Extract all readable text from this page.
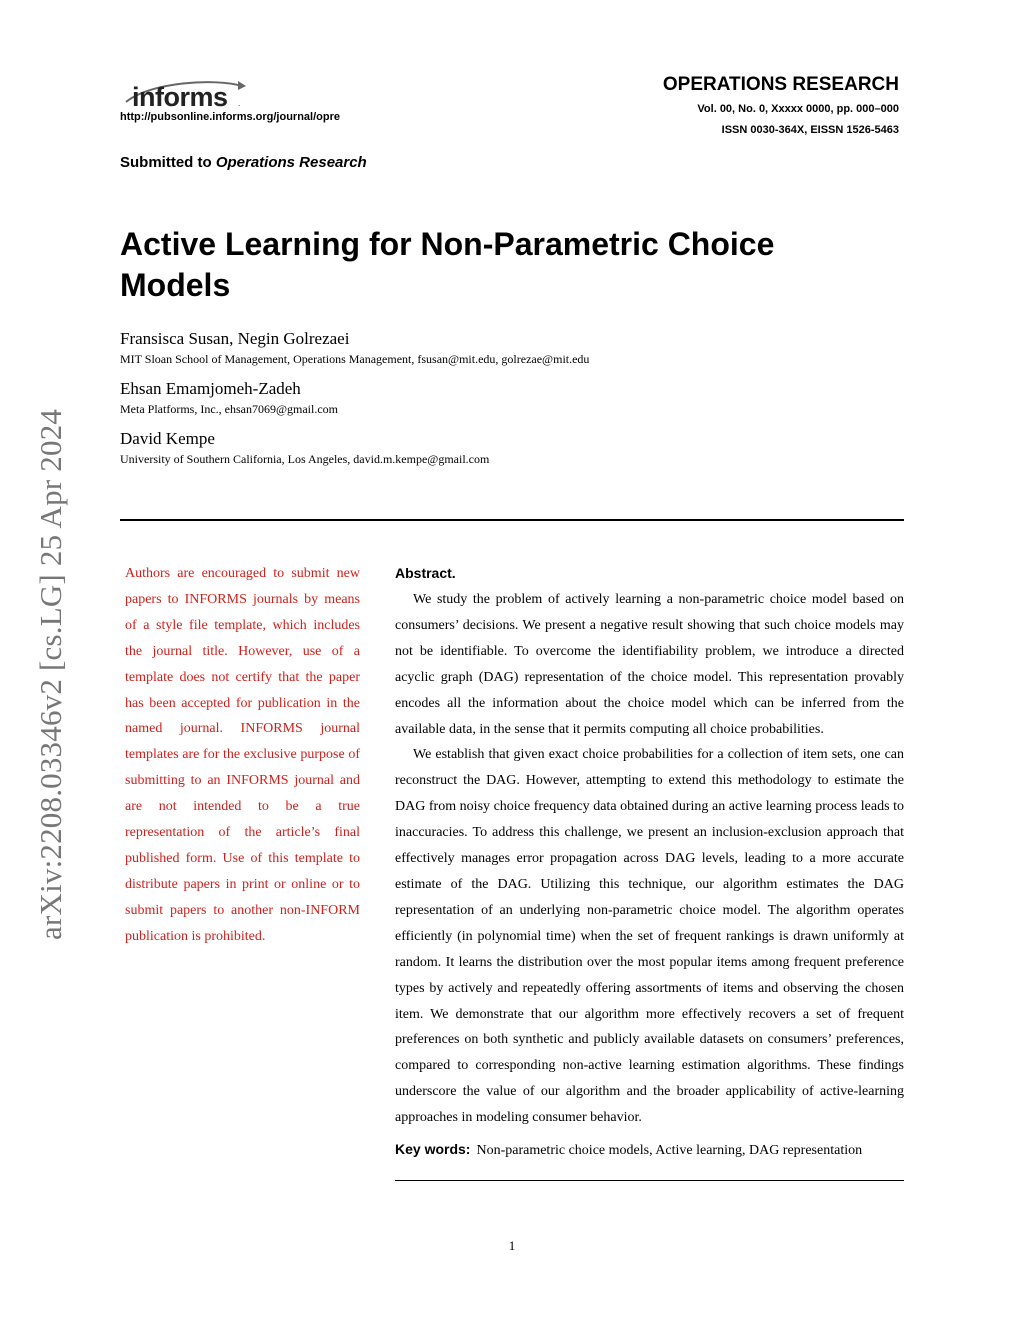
arXiv:2208.03346v2 [cs.LG] 25 Apr 2024
informs .
http://pubsonline.informs.org/journal/opre
OPERATIONS RESEARCH
Vol. 00, No. 0, Xxxxx 0000, pp. 000–000
ISSN 0030-364X, EISSN 1526-5463
Submitted to Operations Research
Active Learning for Non-Parametric Choice
Models
Fransisca Susan, Negin Golrezaei
MIT Sloan School of Management, Operations Management, fsusan@mit.edu, golrezae@mit.edu
Ehsan Emamjomeh-Zadeh
Meta Platforms, Inc., ehsan7069@gmail.com
David Kempe
University of Southern California, Los Angeles, david.m.kempe@gmail.com
Authors are encouraged to submit new papers to INFORMS journals by means of a style file template, which includes the journal title. However, use of a template does not certify that the paper has been accepted for publication in the named journal. INFORMS journal templates are for the exclusive purpose of submitting to an INFORMS journal and are not intended to be a true representation of the article’s final published form. Use of this template to distribute papers in print or online or to submit papers to another non-INFORM publication is prohibited.
Abstract.

We study the problem of actively learning a non-parametric choice model based on consumers’ decisions. We present a negative result showing that such choice models may not be identifiable. To overcome the identifiability problem, we introduce a directed acyclic graph (DAG) representation of the choice model. This representation provably encodes all the information about the choice model which can be inferred from the available data, in the sense that it permits computing all choice probabilities.

We establish that given exact choice probabilities for a collection of item sets, one can reconstruct the DAG. However, attempting to extend this methodology to estimate the DAG from noisy choice frequency data obtained during an active learning process leads to inaccuracies. To address this challenge, we present an inclusion-exclusion approach that effectively manages error propagation across DAG levels, leading to a more accurate estimate of the DAG. Utilizing this technique, our algorithm estimates the DAG representation of an underlying non-parametric choice model. The algorithm operates efficiently (in polynomial time) when the set of frequent rankings is drawn uniformly at random. It learns the distribution over the most popular items among frequent preference types by actively and repeatedly offering assortments of items and observing the chosen item. We demonstrate that our algorithm more effectively recovers a set of frequent preferences on both synthetic and publicly available datasets on consumers’ preferences, compared to corresponding non-active learning estimation algorithms. These findings underscore the value of our algorithm and the broader applicability of active-learning approaches in modeling consumer behavior.

Key words: Non-parametric choice models, Active learning, DAG representation
1
